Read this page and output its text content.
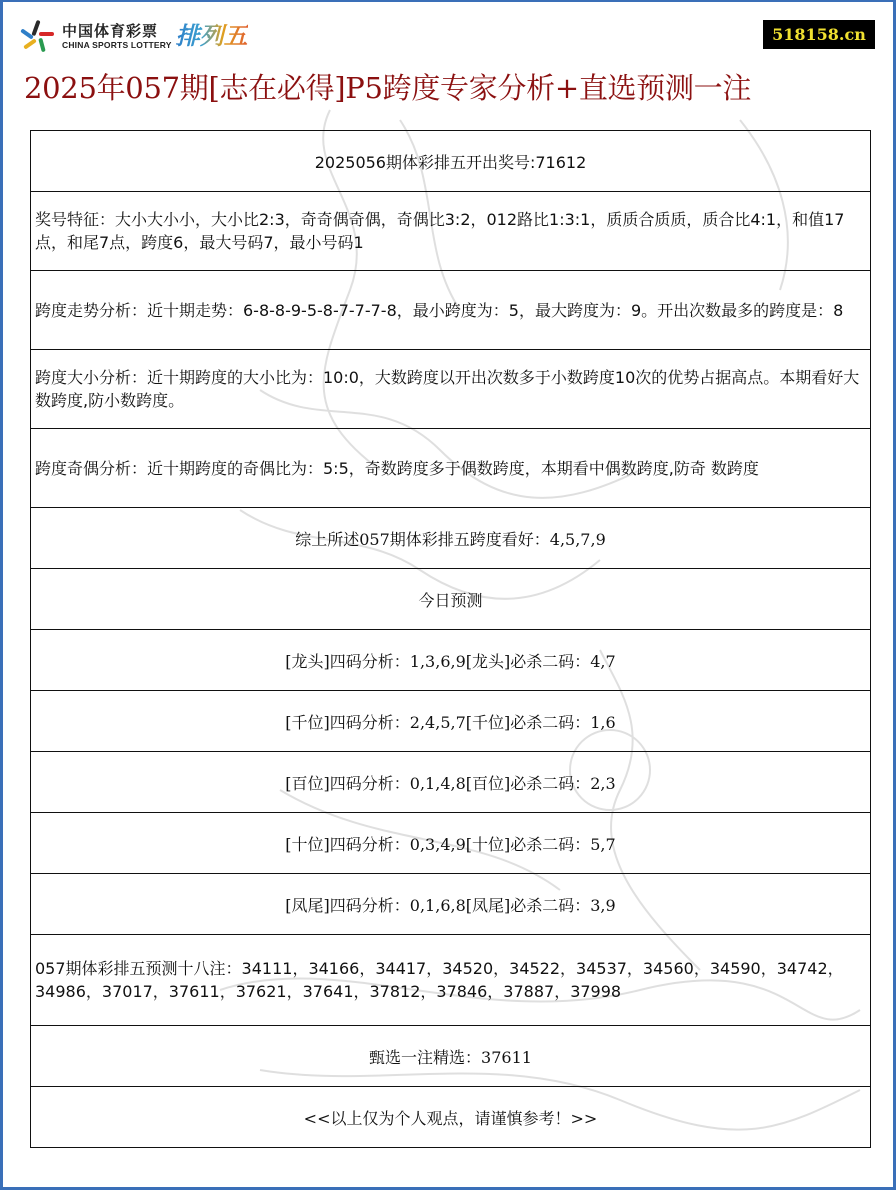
中国体育彩票
CHINA SPORTS LOTTERY 排列五	518158.cn
2025年057期[志在必得]P5跨度专家分析+直选预测一注
2025056期体彩排五开出奖号:71612
奖号特征：大小大小小，大小比2:3，奇奇偶奇偶，奇偶比3:2，012路比1:3:1，质质合质质，质合比4:1，和值17点，和尾7点，跨度6，最大号码7，最小号码1
跨度走势分析：近十期走势：6-8-8-9-5-8-7-7-7-8，最小跨度为：5，最大跨度为：9。开出次数最多的跨度是：8
跨度大小分析：近十期跨度的大小比为：10:0，大数跨度以开出次数多于小数跨度10次的优势占据高点。本期看好大数跨度,防小数跨度。
跨度奇偶分析：近十期跨度的奇偶比为：5:5，奇数跨度多于偶数跨度，本期看中偶数跨度,防奇 数跨度
综上所述057期体彩排五跨度看好：4,5,7,9
今日预测
[龙头]四码分析：1,3,6,9[龙头]必杀二码：4,7
[千位]四码分析：2,4,5,7[千位]必杀二码：1,6
[百位]四码分析：0,1,4,8[百位]必杀二码：2,3
[十位]四码分析：0,3,4,9[十位]必杀二码：5,7
[凤尾]四码分析：0,1,6,8[凤尾]必杀二码：3,9
057期体彩排五预测十八注：34111，34166，34417，34520，34522，34537，34560，34590，34742，34986，37017，37611，37621，37641，37812，37846，37887，37998
甄选一注精选：37611
<<以上仅为个人观点，请谨慎参考！>>
